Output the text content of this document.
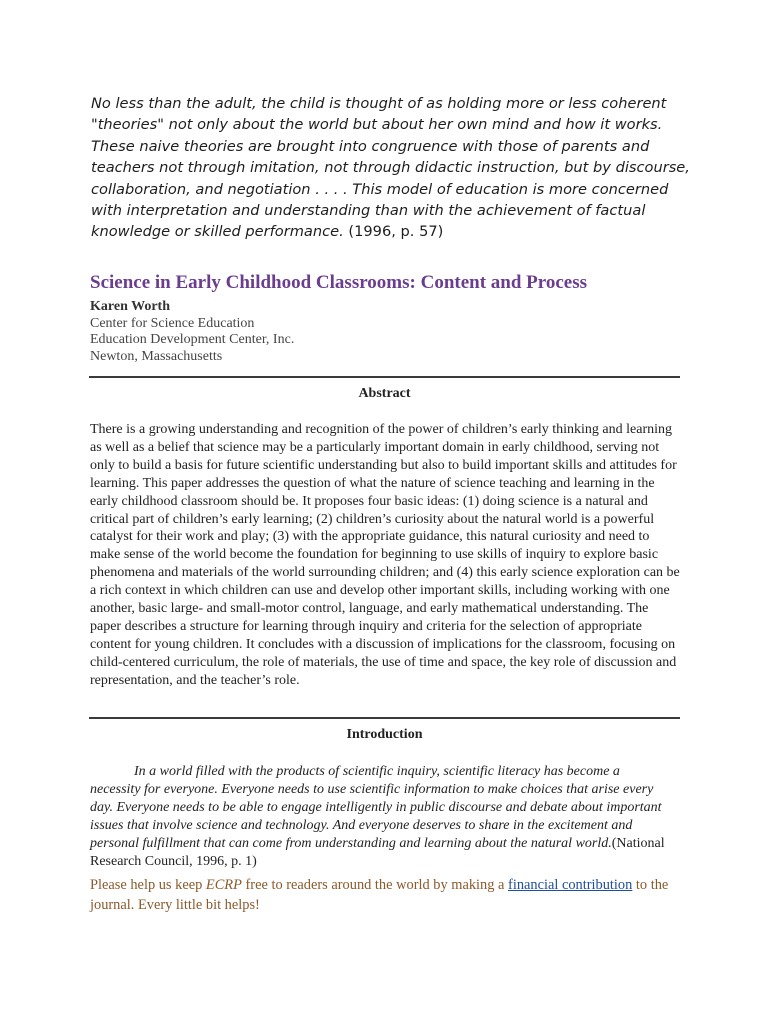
No less than the adult, the child is thought of as holding more or less coherent "theories" not only about the world but about her own mind and how it works. These naive theories are brought into congruence with those of parents and teachers not through imitation, not through didactic instruction, but by discourse, collaboration, and negotiation . . . . This model of education is more concerned with interpretation and understanding than with the achievement of factual knowledge or skilled performance. (1996, p. 57)
Science in Early Childhood Classrooms: Content and Process
Karen Worth
Center for Science Education
Education Development Center, Inc.
Newton, Massachusetts
Abstract
There is a growing understanding and recognition of the power of children’s early thinking and learning as well as a belief that science may be a particularly important domain in early childhood, serving not only to build a basis for future scientific understanding but also to build important skills and attitudes for learning. This paper addresses the question of what the nature of science teaching and learning in the early childhood classroom should be. It proposes four basic ideas: (1) doing science is a natural and critical part of children’s early learning; (2) children’s curiosity about the natural world is a powerful catalyst for their work and play; (3) with the appropriate guidance, this natural curiosity and need to make sense of the world become the foundation for beginning to use skills of inquiry to explore basic phenomena and materials of the world surrounding children; and (4) this early science exploration can be a rich context in which children can use and develop other important skills, including working with one another, basic large- and small-motor control, language, and early mathematical understanding. The paper describes a structure for learning through inquiry and criteria for the selection of appropriate content for young children. It concludes with a discussion of implications for the classroom, focusing on child-centered curriculum, the role of materials, the use of time and space, the key role of discussion and representation, and the teacher’s role.
Introduction
In a world filled with the products of scientific inquiry, scientific literacy has become a necessity for everyone. Everyone needs to use scientific information to make choices that arise every day. Everyone needs to be able to engage intelligently in public discourse and debate about important issues that involve science and technology. And everyone deserves to share in the excitement and personal fulfillment that can come from understanding and learning about the natural world.(National Research Council, 1996, p. 1)
Please help us keep ECRP free to readers around the world by making a financial contribution to the journal. Every little bit helps!
